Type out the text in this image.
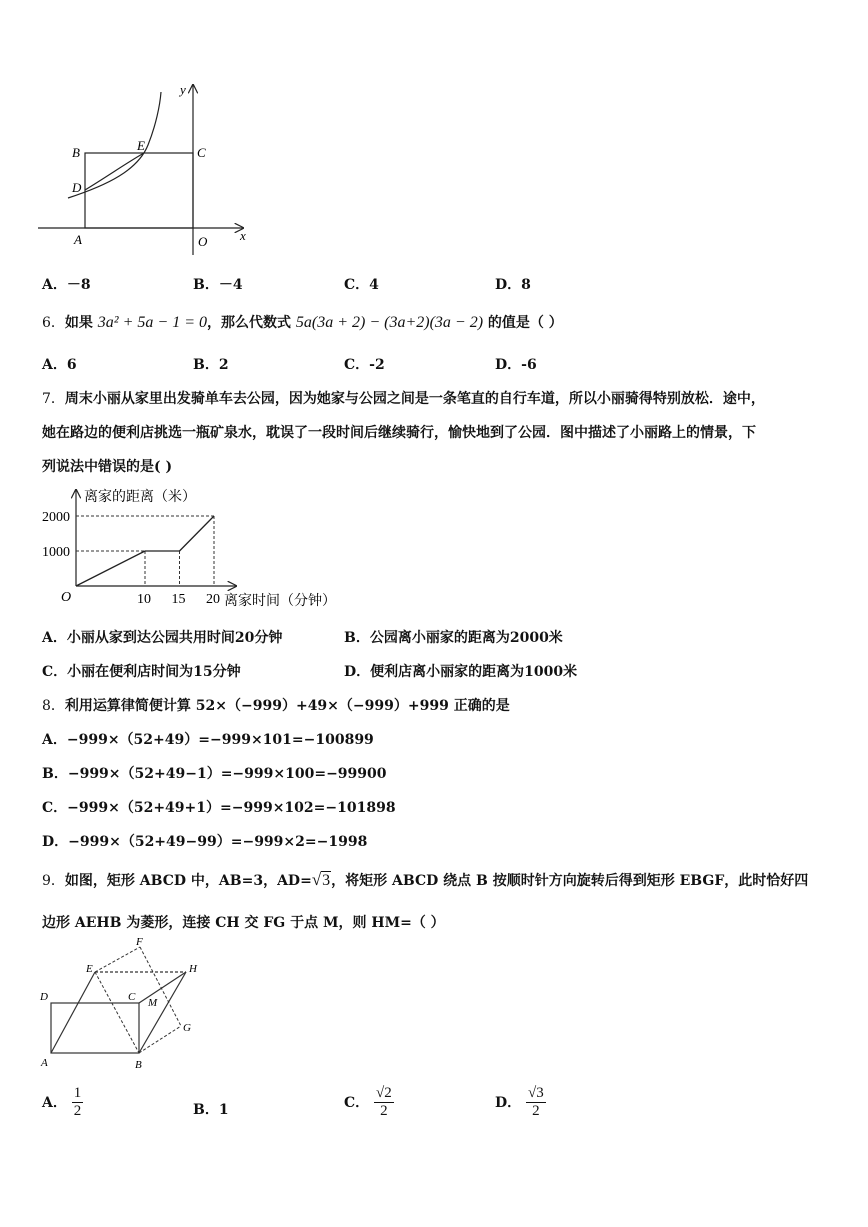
y
x
B	E	C
D
A	O
A．－8	B．－4	C．4	D．8
6．如果 3a² + 5a − 1 = 0，那么代数式 5a(3a + 2) − (3a+2)(3a − 2) 的值是（ ）
A．6	B．2	C．-2	D．-6
7．周末小丽从家里出发骑单车去公园，因为她家与公园之间是一条笔直的自行车道，所以小丽骑得特别放松．途中，
她在路边的便利店挑选一瓶矿泉水，耽误了一段时间后继续骑行，愉快地到了公园．图中描述了小丽路上的情景，下
列说法中错误的是( )
离家的距离（米）
离家时间（分钟）
O	10 15 20
1000
2000
A．小丽从家到达公园共用时间20分钟	B．公园离小丽家的距离为2000米
C．小丽在便利店时间为15分钟	D．便利店离小丽家的距离为1000米
8．利用运算律简便计算 52×（−999）+49×（−999）+999 正确的是
A．−999×（52+49）=−999×101=−100899
B．−999×（52+49−1）=−999×100=−99900
C．−999×（52+49+1）=−999×102=−101898
D．−999×（52+49−99）=−999×2=−1998
9．如图，矩形 ABCD 中，AB=3，AD=√3，将矩形 ABCD 绕点 B 按顺时针方向旋转后得到矩形 EBGF，此时恰好四
边形 AEHB 为菱形，连接 CH 交 FG 于点 M，则 HM=（ ）
F
E	H
D	C M
G
A	B
A． $\frac{1}{2}$	B．1	C． $\frac{√2}{2}$	D． $\frac{√3}{2}$
